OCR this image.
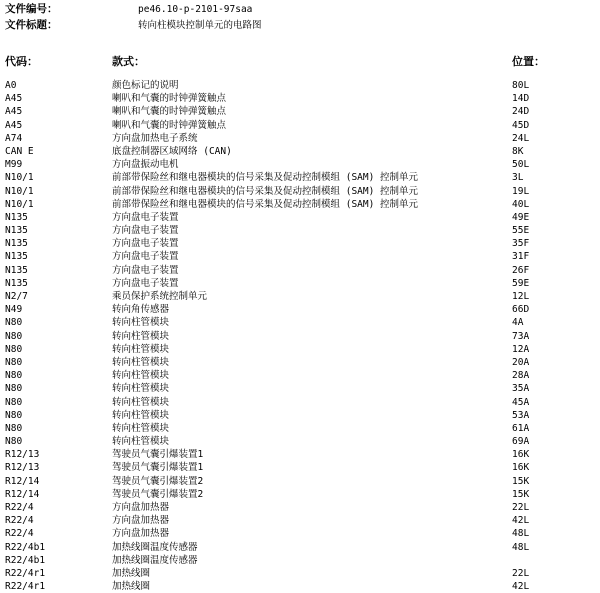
文件编号：	pe46.10-p-2101-97saa
文件标题：	转向柱模块控制单元的电路图
代码：	款式：	位置：
A0	颜色标记的说明	80L
A45	喇叭和气囊的时钟弹簧触点	14D
A45	喇叭和气囊的时钟弹簧触点	24D
A45	喇叭和气囊的时钟弹簧触点	45D
A74	方向盘加热电子系统	24L
CAN E	底盘控制器区域网络 (CAN)	8K
M99	方向盘振动电机	50L
N10/1	前部带保险丝和继电器模块的信号采集及促动控制模组 (SAM) 控制单元	3L
N10/1	前部带保险丝和继电器模块的信号采集及促动控制模组 (SAM) 控制单元	19L
N10/1	前部带保险丝和继电器模块的信号采集及促动控制模组 (SAM) 控制单元	40L
N135	方向盘电子装置	49E
N135	方向盘电子装置	55E
N135	方向盘电子装置	35F
N135	方向盘电子装置	31F
N135	方向盘电子装置	26F
N135	方向盘电子装置	59E
N2/7	乘员保护系统控制单元	12L
N49	转向角传感器	66D
N80	转向柱管模块	4A
N80	转向柱管模块	73A
N80	转向柱管模块	12A
N80	转向柱管模块	20A
N80	转向柱管模块	28A
N80	转向柱管模块	35A
N80	转向柱管模块	45A
N80	转向柱管模块	53A
N80	转向柱管模块	61A
N80	转向柱管模块	69A
R12/13	驾驶员气囊引爆装置1	16K
R12/13	驾驶员气囊引爆装置1	16K
R12/14	驾驶员气囊引爆装置2	15K
R12/14	驾驶员气囊引爆装置2	15K
R22/4	方向盘加热器	22L
R22/4	方向盘加热器	42L
R22/4	方向盘加热器	48L
R22/4b1	加热线圈温度传感器	48L
R22/4b1	加热线圈温度传感器
R22/4r1	加热线圈	22L
R22/4r1	加热线圈	42L
